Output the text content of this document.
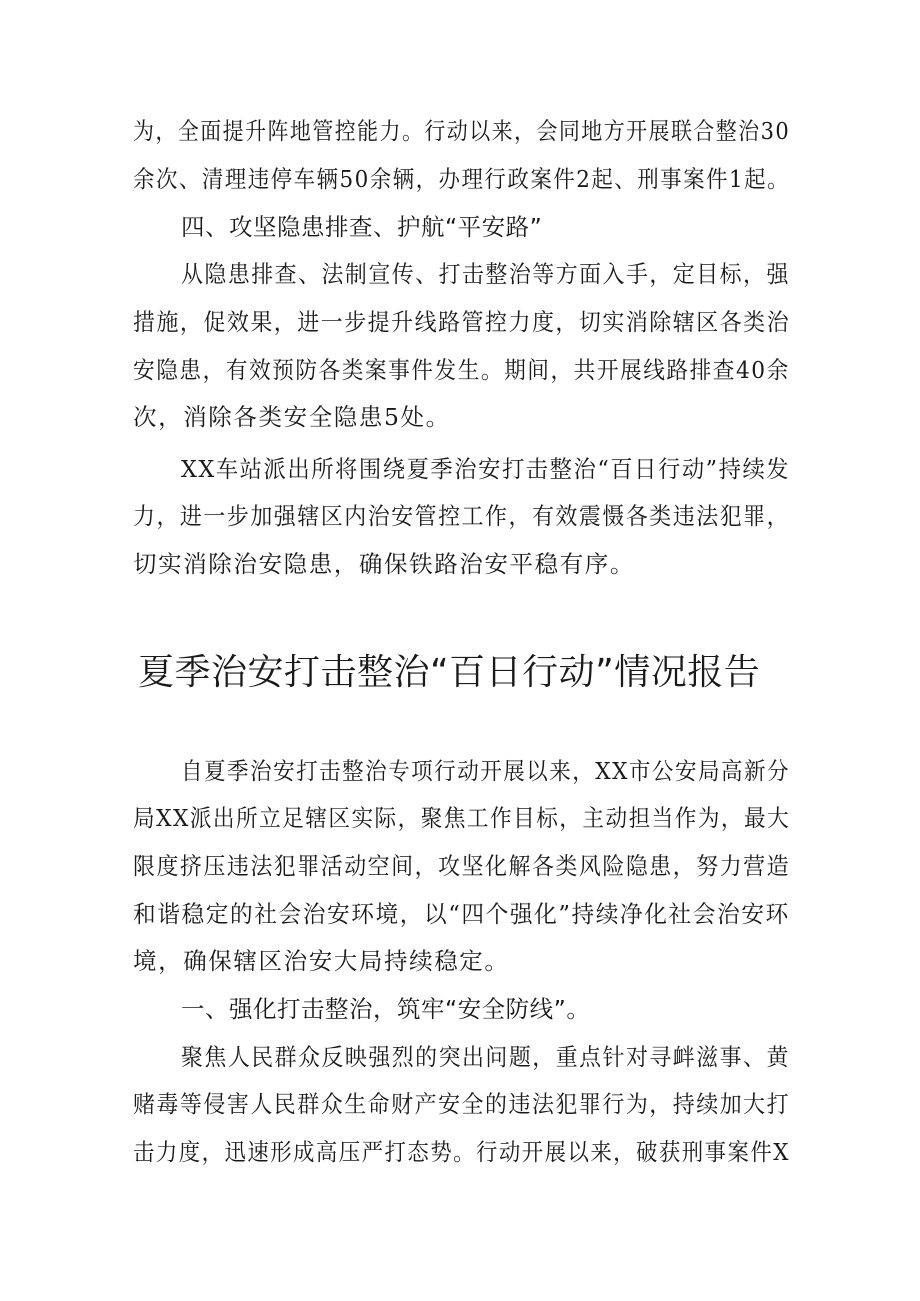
为，全面提升阵地管控能力。行动以来，会同地方开展联合整治30
余次、清理违停车辆50余辆，办理行政案件2起、刑事案件1起。
四、攻坚隐患排查、护航“平安路”
从隐患排查、法制宣传、打击整治等方面入手，定目标，强
措施，促效果，进一步提升线路管控力度，切实消除辖区各类治
安隐患，有效预防各类案事件发生。期间，共开展线路排查40余
次，消除各类安全隐患5处。
XX车站派出所将围绕夏季治安打击整治“百日行动”持续发
力，进一步加强辖区内治安管控工作，有效震慑各类违法犯罪，
切实消除治安隐患，确保铁路治安平稳有序。
夏季治安打击整治“百日行动”情况报告
自夏季治安打击整治专项行动开展以来，XX市公安局高新分
局XX派出所立足辖区实际，聚焦工作目标，主动担当作为，最大
限度挤压违法犯罪活动空间，攻坚化解各类风险隐患，努力营造
和谐稳定的社会治安环境，以“四个强化”持续净化社会治安环
境，确保辖区治安大局持续稳定。
一、强化打击整治，筑牢“安全防线”。
聚焦人民群众反映强烈的突出问题，重点针对寻衅滋事、黄
赌毒等侵害人民群众生命财产安全的违法犯罪行为，持续加大打
击力度，迅速形成高压严打态势。行动开展以来，破获刑事案件X
